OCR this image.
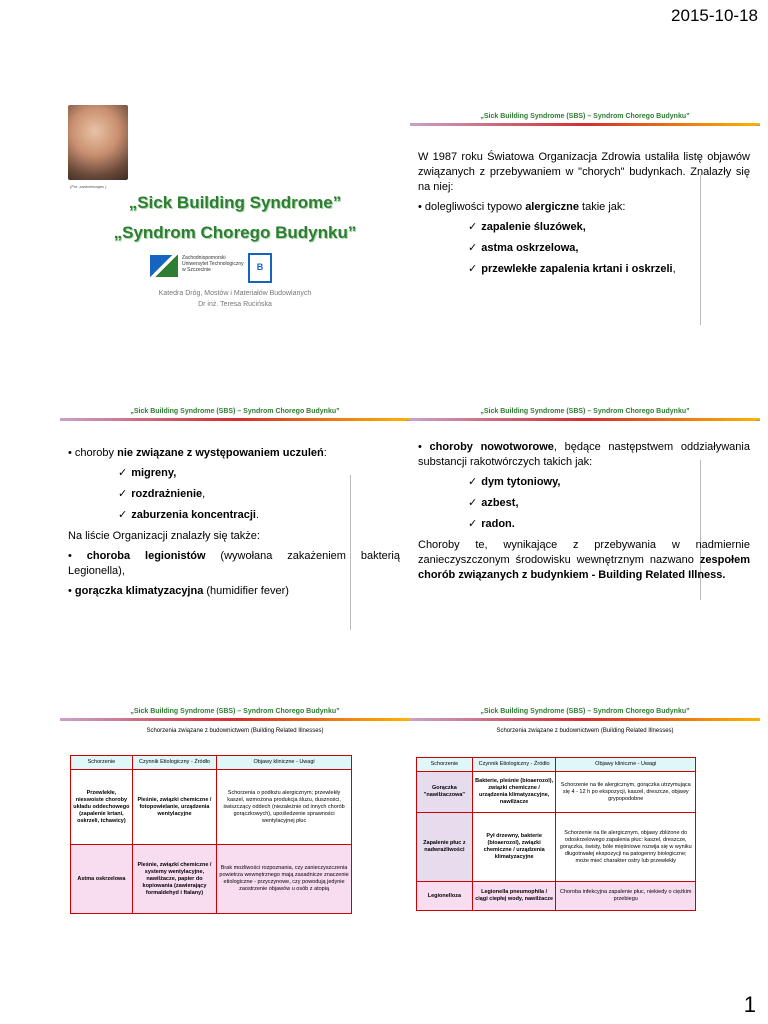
2015-10-18
(Fot. zaalonimages )
„Sick Building Syndrome”
„Syndrom Chorego Budynku”
Zachodniopomorski
Uniwersytet Technologiczny
w Szczecinie	B
Katedra Dróg, Mostów i Materiałów Budowlanych
Dr inż. Teresa Rucińska
„Sick Building Syndrome (SBS) – Syndrom Chorego Budynku”

W 1987 roku Światowa Organizacja Zdrowia ustaliła listę objawów związanych z przebywaniem w "chorych" budynkach. Znalazły się na niej:

• dolegliwości typowo alergiczne takie jak:

✓ zapalenie śluzówek,
✓ astma oskrzelowa,
✓ przewlekłe zapalenia krtani i oskrzeli,
„Sick Building Syndrome (SBS) – Syndrom Chorego Budynku”

• choroby nie związane z występowaniem uczuleń:

✓ migreny,
✓ rozdrażnienie,
✓ zaburzenia koncentracji.

Na liście Organizacji znalazły się także:

• choroba legionistów (wywołana zakażeniem bakterią Legionella),

• gorączka klimatyzacyjna (humidifier fever)

„Sick Building Syndrome (SBS) – Syndrom Chorego Budynku”

• choroby nowotworowe, będące następstwem oddziaływania substancji rakotwórczych takich jak:

✓ dym tytoniowy,
✓ azbest,
✓ radon.

Choroby te, wynikające z przebywania w nadmiernie zanieczyszczonym środowisku wewnętrznym nazwano zespołem chorób związanych z budynkiem - Building Related Illness.

„Sick Building Syndrome (SBS) – Syndrom Chorego Budynku”
Schorzenia związane z budownictwem (Building Related Illnesses)
Schorzenie	Czynnik Etiologiczny - Źródło	Objawy kliniczne - Uwagi
Przewlekłe, nieswoiste choroby układu oddechowego (zapalenie krtani, oskrzeli, tchawicy)	Pleśnie, związki chemiczne / fotopowielanie, urządzenia wentylacyjne	Schorzenia o podłożu alergicznym; przewlekły kaszel, wzmożona produkcja śluzu, duszności, świszczący oddech (niezależnie od innych chorób gorączkowych), upośledzenie sprawności wentylacyjnej płuc
Astma oskrzelowa	Pleśnie, związki chemiczne / systemy wentylacyjne, nawilżacze, papier do kopiowania (zawierający formaldehyd i ftalany)	Brak możliwości rozpoznania, czy zanieczyszczenia powietrza wewnętrznego mają zasadnicze znaczenie etiologiczne - przyczynowe, czy powodują jedynie zaostrzenie objawów u osób z atopią
„Sick Building Syndrome (SBS) – Syndrom Chorego Budynku”
Schorzenia związane z budownictwem (Building Related Illnesses)
Schorzenie	Czynnik Etiologiczny - Źródło	Objawy kliniczne - Uwagi
Gorączka "nawilżaczowa"	Bakterie, pleśnie (bioaerozol), związki chemiczne / urządzenia klimatyzacyjne, nawilżacze	Schorzenie na tle alergicznym, gorączka utrzymująca się 4 - 12 h po ekspozycji, kaszel, dreszcze, objawy grypopodobne
Zapalenie płuc z nadwrażliwości	Pył drzewny, bakterie (bioaerozol), związki chemiczne / urządzenia klimatyzacyjne	Schorzenie na tle alergicznym, objawy zbliżone do odoskrzelowego zapalenia płuc: kaszel, dreszcze, gorączka, świsty, bóle mięśniowe rozwija się w wyniku długotrwałej ekspozycji na patogenny biologiczne; może mieć charakter ostry lub przewlekły
Legionelloza	Legionella pneumophila / ciągi ciepłej wody, nawilżacze	Choroba infekcyjna zapalenie płuc, niekiedy o ciężkim przebiegu
1
